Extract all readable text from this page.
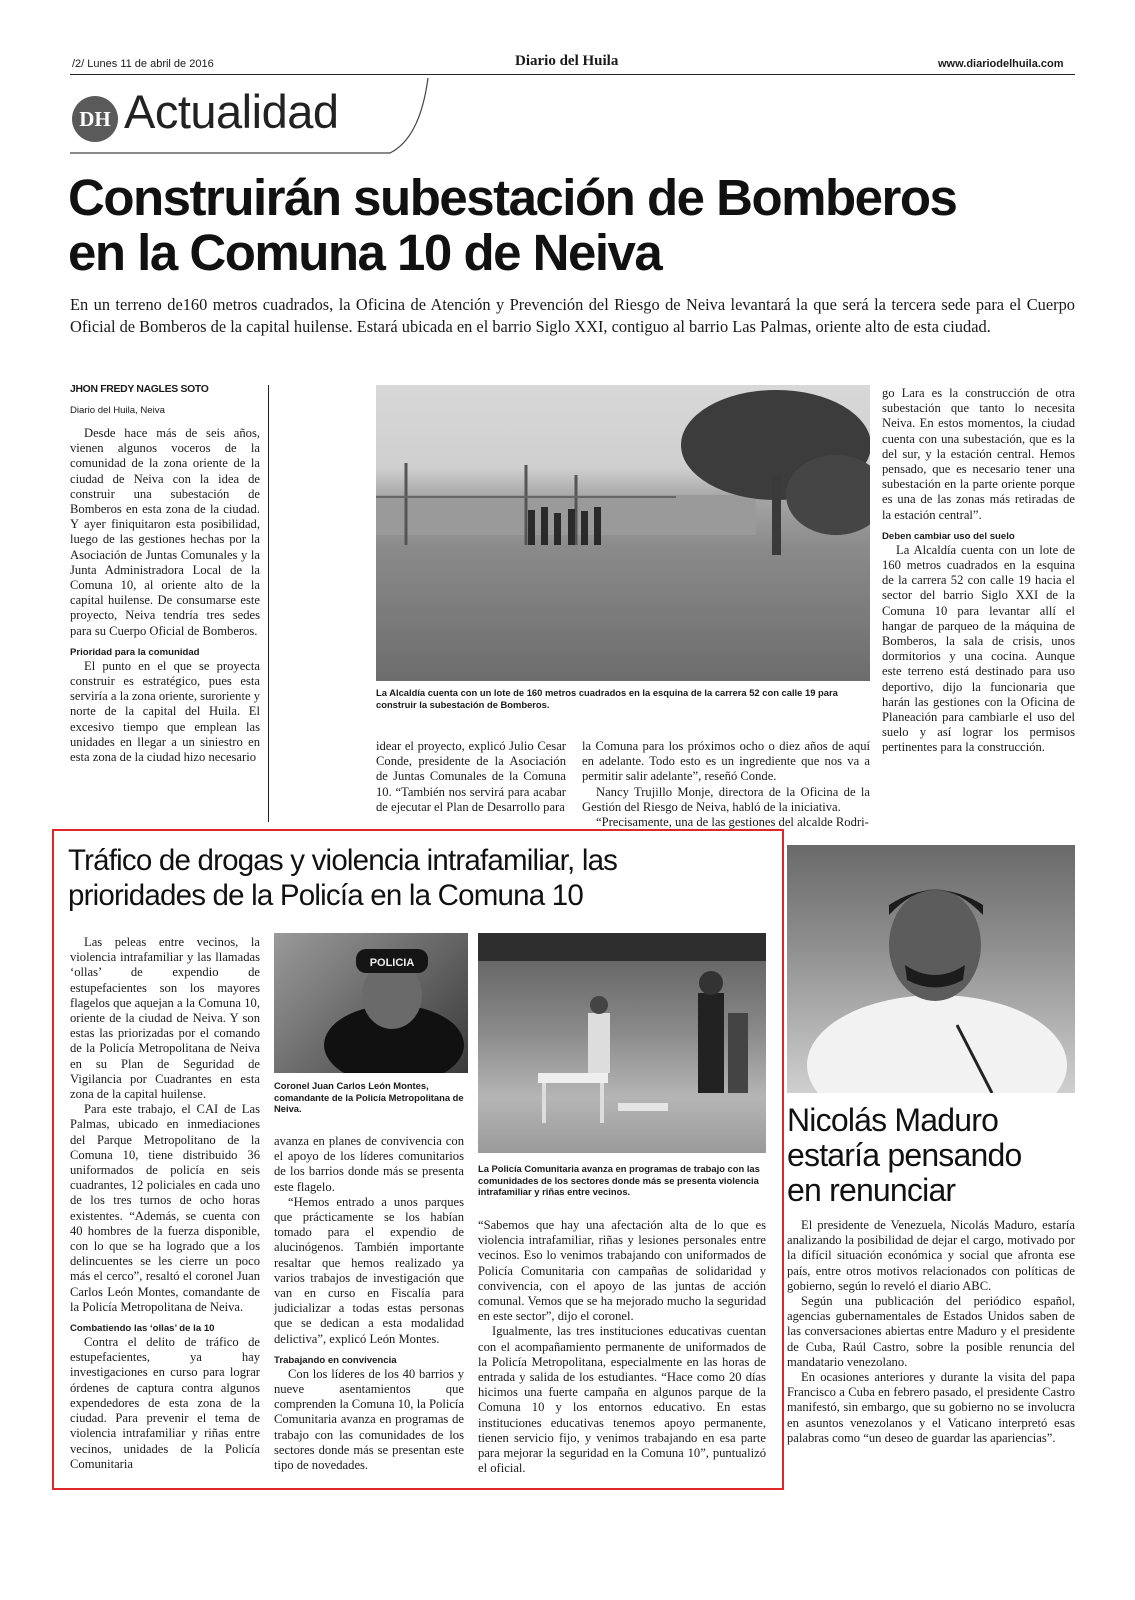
/2/ Lunes 11 de abril de 2016	Diario del Huila	www.diariodelhuila.com
DH Actualidad
Construirán subestación de Bomberos
en la Comuna 10 de Neiva

En un terreno de160 metros cuadrados, la Oficina de Atención y Prevención del Riesgo de Neiva levantará la que será la tercera sede para el Cuerpo Oficial de Bomberos de la capital huilense. Estará ubicada en el barrio Siglo XXI, contiguo al barrio Las Palmas, oriente alto de esta ciudad.

JHON FREDY NAGLES SOTO
Diario del Huila, Neiva

Desde hace más de seis años, vienen algunos voceros de la comunidad de la zona oriente de la ciudad de Neiva con la idea de construir una subestación de Bomberos en esta zona de la ciudad. Y ayer finiquitaron esta posibilidad, luego de las gestiones hechas por la Asociación de Juntas Comunales y la Junta Administradora Local de la Comuna 10, al oriente alto de la capital huilense. De consumarse este proyecto, Neiva tendría tres sedes para su Cuerpo Oficial de Bomberos.

Prioridad para la comunidad

El punto en el que se proyecta construir es estratégico, pues esta serviría a la zona oriente, suroriente y norte de la capital del Huila. El excesivo tiempo que emplean las unidades en llegar a un siniestro en esta zona de la ciudad hizo necesario

La Alcaldía cuenta con un lote de 160 metros cuadrados en la esquina de la carrera 52 con calle 19 para construir la subestación de Bomberos.

idear el proyecto, explicó Julio Cesar Conde, presidente de la Asociación de Juntas Comunales de la Comuna 10. “También nos servirá para acabar de ejecutar el Plan de Desarrollo para

la Comuna para los próximos ocho o diez años de aquí en adelante. Todo esto es un ingrediente que nos va a permitir salir adelante”, reseñó Conde.

Nancy Trujillo Monje, directora de la Oficina de la Gestión del Riesgo de Neiva, habló de la iniciativa.

“Precisamente, una de las gestiones del alcalde Rodri-

go Lara es la construcción de otra subestación que tanto lo necesita Neiva. En estos momentos, la ciudad cuenta con una subestación, que es la del sur, y la estación central. Hemos pensado, que es necesario tener una subestación en la parte oriente porque es una de las zonas más retiradas de la estación central”.

Deben cambiar uso del suelo

La Alcaldía cuenta con un lote de 160 metros cuadrados en la esquina de la carrera 52 con calle 19 hacia el sector del barrio Siglo XXI de la Comuna 10 para levantar allí el hangar de parqueo de la máquina de Bomberos, la sala de crisis, unos dormitorios y una cocina. Aunque este terreno está destinado para uso deportivo, dijo la funcionaria que harán las gestiones con la Oficina de Planeación para cambiarle el uso del suelo y así lograr los permisos pertinentes para la construcción.

Tráfico de drogas y violencia intrafamiliar, las
prioridades de la Policía en la Comuna 10

Las peleas entre vecinos, la violencia intrafamiliar y las llamadas ‘ollas’ de expendio de estupefacientes son los mayores flagelos que aquejan a la Comuna 10, oriente de la ciudad de Neiva. Y son estas las priorizadas por el comando de la Policía Metropolitana de Neiva en su Plan de Seguridad de Vigilancia por Cuadrantes en esta zona de la capital huilense.

Para este trabajo, el CAI de Las Palmas, ubicado en inmediaciones del Parque Metropolitano de la Comuna 10, tiene distribuido 36 uniformados de policía en seis cuadrantes, 12 policiales en cada uno de los tres turnos de ocho horas existentes. “Además, se cuenta con 40 hombres de la fuerza disponible, con lo que se ha logrado que a los delincuentes se les cierre un poco más el cerco”, resaltó el coronel Juan Carlos León Montes, comandante de la Policía Metropolitana de Neiva.

Combatiendo las ‘ollas’ de la 10

Contra el delito de tráfico de estupefacientes, ya hay investigaciones en curso para lograr órdenes de captura contra algunos expendedores de esta zona de la ciudad. Para prevenir el tema de violencia intrafamiliar y riñas entre vecinos, unidades de la Policía Comunitaria

POLICIA
Coronel Juan Carlos León Montes, comandante de la Policía Metropolitana de Neiva.

avanza en planes de convivencia con el apoyo de los líderes comunitarios de los barrios donde más se presenta este flagelo.

“Hemos entrado a unos parques que prácticamente se los habían tomado para el expendio de alucinógenos. También importante resaltar que hemos realizado ya varios trabajos de investigación que van en curso en Fiscalía para judicializar a todas estas personas que se dedican a esta modalidad delictiva”, explicó León Montes.

Trabajando en convivencia

Con los líderes de los 40 barrios y nueve asentamientos que comprenden la Comuna 10, la Policía Comunitaria avanza en programas de trabajo con las comunidades de los sectores donde más se presentan este tipo de novedades.

La Policía Comunitaria avanza en programas de trabajo con las comunidades de los sectores donde más se presenta violencia intrafamiliar y riñas entre vecinos.

“Sabemos que hay una afectación alta de lo que es violencia intrafamiliar, riñas y lesiones personales entre vecinos. Eso lo venimos trabajando con uniformados de Policía Comunitaria con campañas de solidaridad y convivencia, con el apoyo de las juntas de acción comunal. Vemos que se ha mejorado mucho la seguridad en este sector”, dijo el coronel.

Igualmente, las tres instituciones educativas cuentan con el acompañamiento permanente de uniformados de la Policía Metropolitana, especialmente en las horas de entrada y salida de los estudiantes. “Hace como 20 días hicimos una fuerte campaña en algunos parque de la Comuna 10 y los entornos educativo. En estas instituciones educativas tenemos apoyo permanente, tienen servicio fijo, y venimos trabajando en esa parte para mejorar la seguridad en la Comuna 10”, puntualizó el oficial.

Nicolás Maduro
estaría pensando
en renunciar

El presidente de Venezuela, Nicolás Maduro, estaría analizando la posibilidad de dejar el cargo, motivado por la difícil situación económica y social que afronta ese país, entre otros motivos relacionados con políticas de gobierno, según lo reveló el diario ABC.

Según una publicación del periódico español, agencias gubernamentales de Estados Unidos saben de las conversaciones abiertas entre Maduro y el presidente de Cuba, Raúl Castro, sobre la posible renuncia del mandatario venezolano.

En ocasiones anteriores y durante la visita del papa Francisco a Cuba en febrero pasado, el presidente Castro manifestó, sin embargo, que su gobierno no se involucra en asuntos venezolanos y el Vaticano interpretó esas palabras como “un deseo de guardar las apariencias”.
